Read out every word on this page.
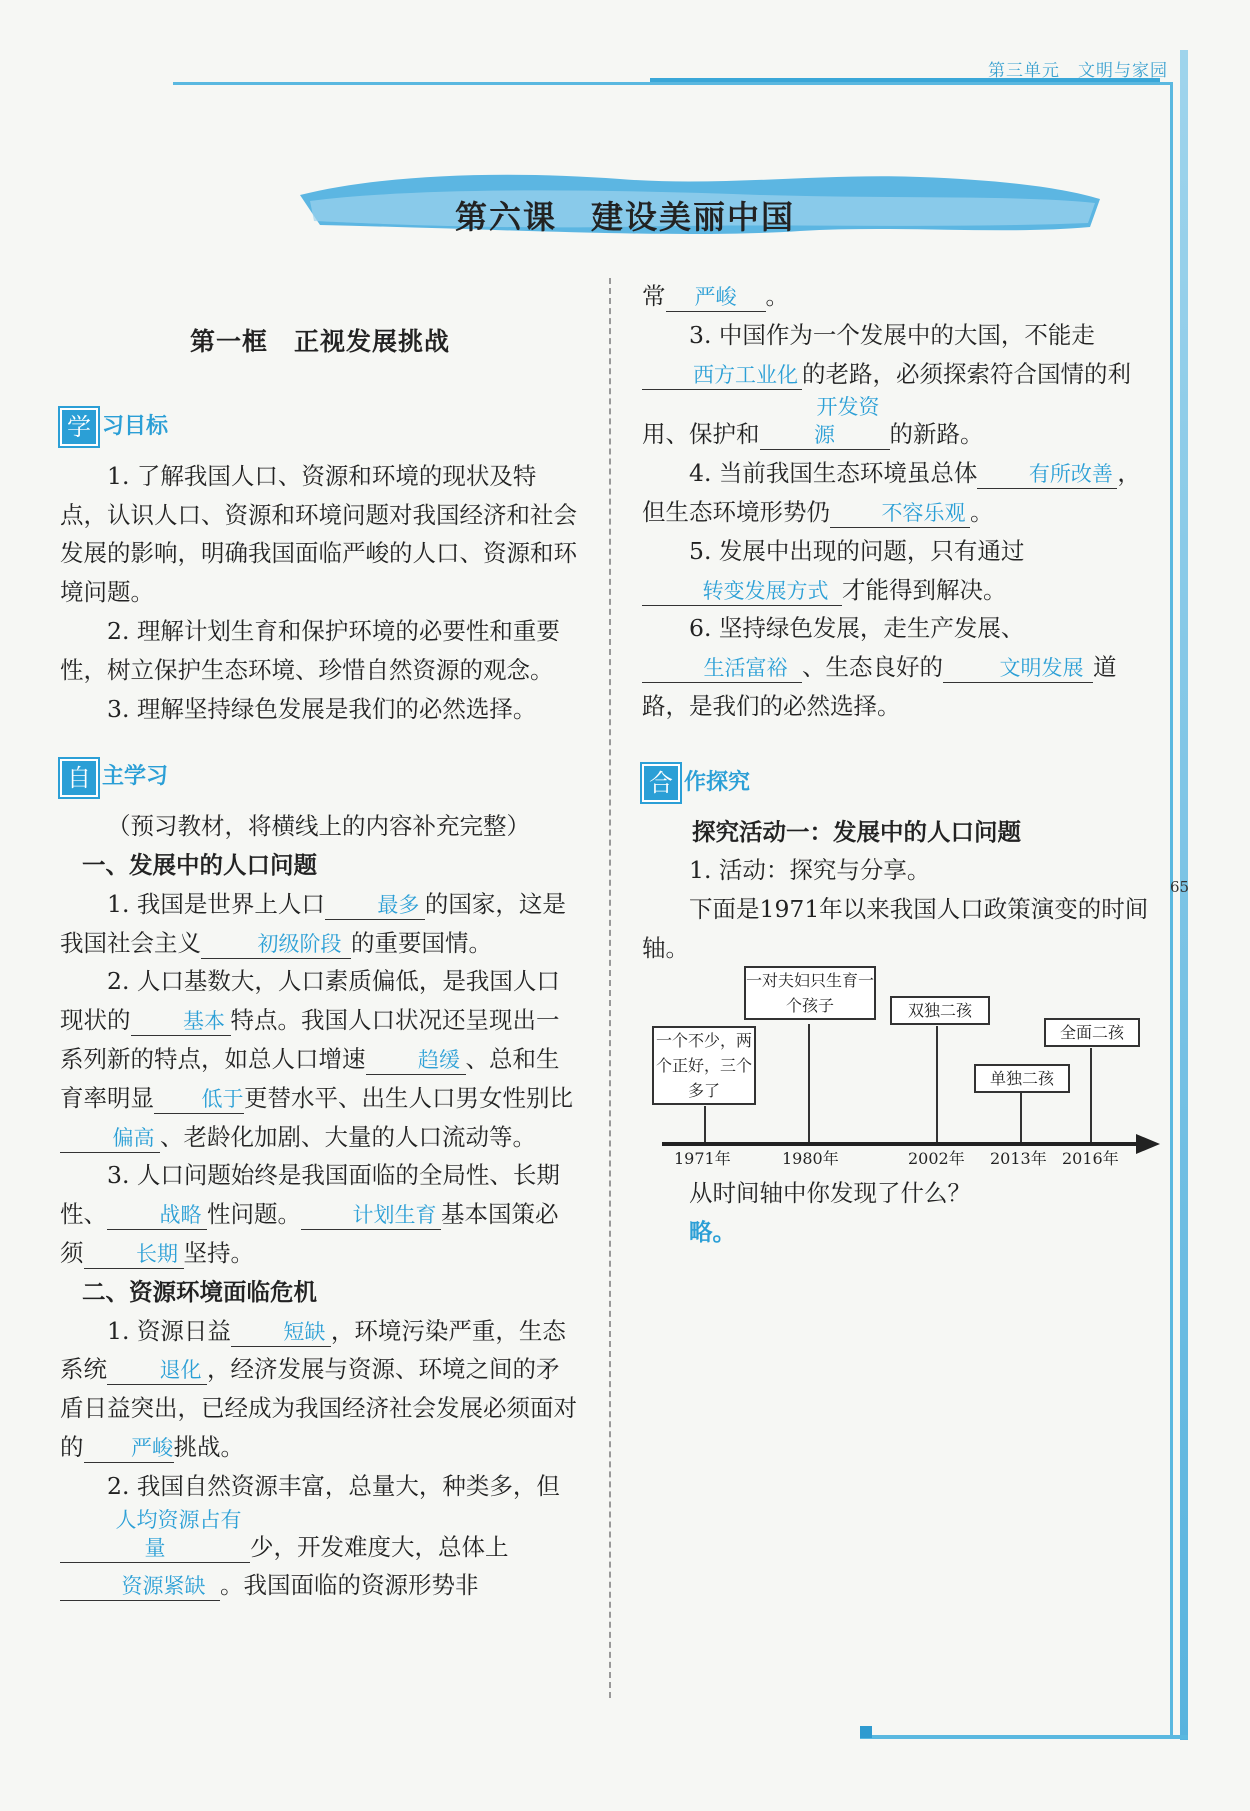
第三单元　文明与家园
65
第六课　建设美丽中国
第一框　正视发展挑战
学 习目标

1. 了解我国人口、资源和环境的现状及特点，认识人口、资源和环境问题对我国经济和社会发展的影响，明确我国面临严峻的人口、资源和环境问题。

2. 理解计划生育和保护环境的必要性和重要性，树立保护生态环境、珍惜自然资源的观念。

3. 理解坚持绿色发展是我们的必然选择。

自 主学习

（预习教材，将横线上的内容补充完整）

一、发展中的人口问题

1. 我国是世界上人口	最多 的国家，这是我国社会主义	初级阶段 的重要国情。

2. 人口基数大，人口素质偏低，是我国人口现状的	基本 特点。我国人口状况还呈现出一系列新的特点，如总人口增速	趋缓 、总和生育率明显 低于更替水平、出生人口男女性别比偏高 、老龄化加剧、大量的人口流动等。

3. 人口问题始终是我国面临的全局性、长期性、	战略 性问题。 计划生育 基本国策必须	长期 坚持。

二、资源环境面临危机

1. 资源日益	短缺 ，环境污染严重，生态系统	退化 ，经济发展与资源、环境之间的矛盾日益突出，已经成为我国经济社会发展必须面对的 严峻挑战。

2. 我国自然资源丰富，总量大，种类多，但人均资源占有量	少，开发难度大，总体上资源紧缺 。我国面临的资源形势非

常 严峻 。

3. 中国作为一个发展中的大国，不能走西方工业化 的老路，必须探索符合国情的利用、保护和开发资源 的新路。

4. 当前我国生态环境虽总体 有所改善 ，但生态环境形势仍 不容乐观 。

5. 发展中出现的问题，只有通过转变发展方式 才能得到解决。

6. 坚持绿色发展，走生产发展、生活富裕 、生态良好的	文明发展 道路，是我们的必然选择。

合 作探究

探究活动一：发展中的人口问题

1. 活动：探究与分享。

下面是1971年以来我国人口政策演变的时间轴。

一个不少，两个正好，三个多了
一对夫妇只生育一个孩子	双独二孩
单独二孩
全面二孩
1971年	1980年	2002年 2013年 2016年

从时间轴中你发现了什么？

略。
